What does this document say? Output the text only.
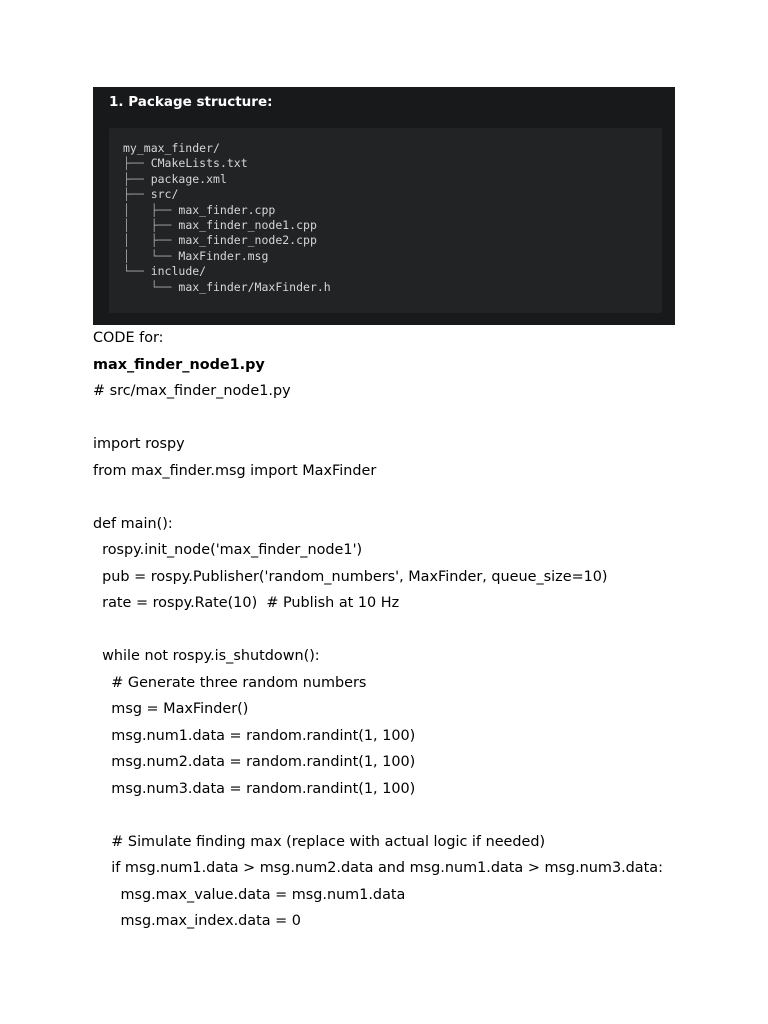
1. Package structure:
my_max_finder/
├── CMakeLists.txt
├── package.xml
├── src/
│   ├── max_finder.cpp
│   ├── max_finder_node1.cpp
│   ├── max_finder_node2.cpp
│   └── MaxFinder.msg
└── include/
└── max_finder/MaxFinder.h

CODE for:

max_finder_node1.py

# src/max_finder_node1.py

import rospy

from max_finder.msg import MaxFinder

def main():

rospy.init_node('max_finder_node1')

pub = rospy.Publisher('random_numbers', MaxFinder, queue_size=10)

rate = rospy.Rate(10)  # Publish at 10 Hz

while not rospy.is_shutdown():

# Generate three random numbers

msg = MaxFinder()

msg.num1.data = random.randint(1, 100)

msg.num2.data = random.randint(1, 100)

msg.num3.data = random.randint(1, 100)

# Simulate finding max (replace with actual logic if needed)

if msg.num1.data > msg.num2.data and msg.num1.data > msg.num3.data:

msg.max_value.data = msg.num1.data

msg.max_index.data = 0
